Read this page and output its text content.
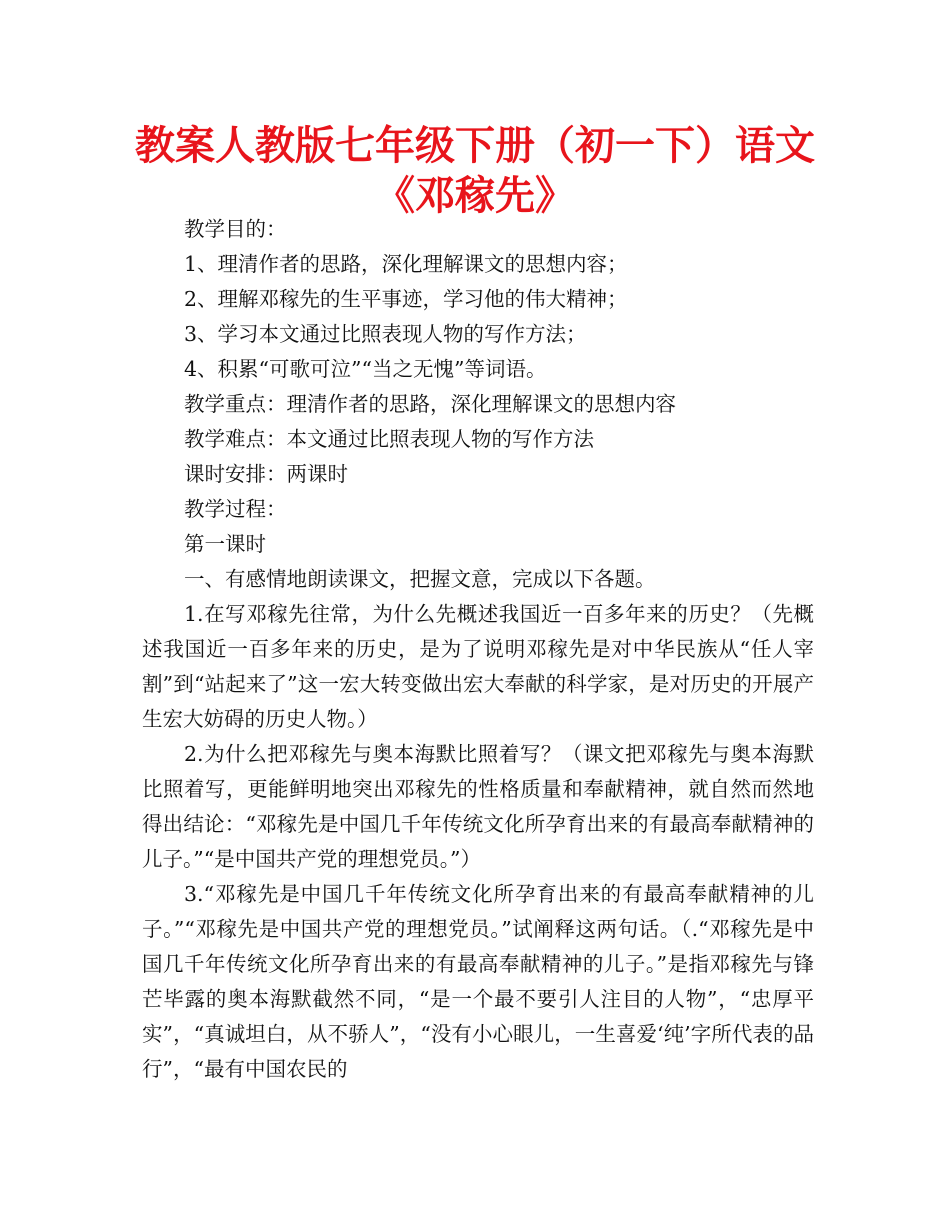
教案人教版七年级下册（初一下）语文
《邓稼先》

教学目的：

1、理清作者的思路，深化理解课文的思想内容；

2、理解邓稼先的生平事迹，学习他的伟大精神；

3、学习本文通过比照表现人物的写作方法；

4、积累“可歌可泣”“当之无愧”等词语。

教学重点：理清作者的思路，深化理解课文的思想内容

教学难点：本文通过比照表现人物的写作方法

课时安排：两课时

教学过程：

第一课时

一、有感情地朗读课文，把握文意，完成以下各题。

1.在写邓稼先往常，为什么先概述我国近一百多年来的历史？（先概述我国近一百多年来的历史，是为了说明邓稼先是对中华民族从“任人宰割”到“站起来了”这一宏大转变做出宏大奉献的科学家，是对历史的开展产生宏大妨碍的历史人物。）

2.为什么把邓稼先与奥本海默比照着写？（课文把邓稼先与奥本海默比照着写，更能鲜明地突出邓稼先的性格质量和奉献精神，就自然而然地得出结论：“邓稼先是中国几千年传统文化所孕育出来的有最高奉献精神的儿子。”“是中国共产党的理想党员。”）

3.“邓稼先是中国几千年传统文化所孕育出来的有最高奉献精神的儿子。”“邓稼先是中国共产党的理想党员。”试阐释这两句话。（.“邓稼先是中国几千年传统文化所孕育出来的有最高奉献精神的儿子。”是指邓稼先与锋芒毕露的奥本海默截然不同，“是一个最不要引人注目的人物”，“忠厚平实”，“真诚坦白，从不骄人”，“没有小心眼儿，一生喜爱‘纯’字所代表的品行”，“最有中国农民的
